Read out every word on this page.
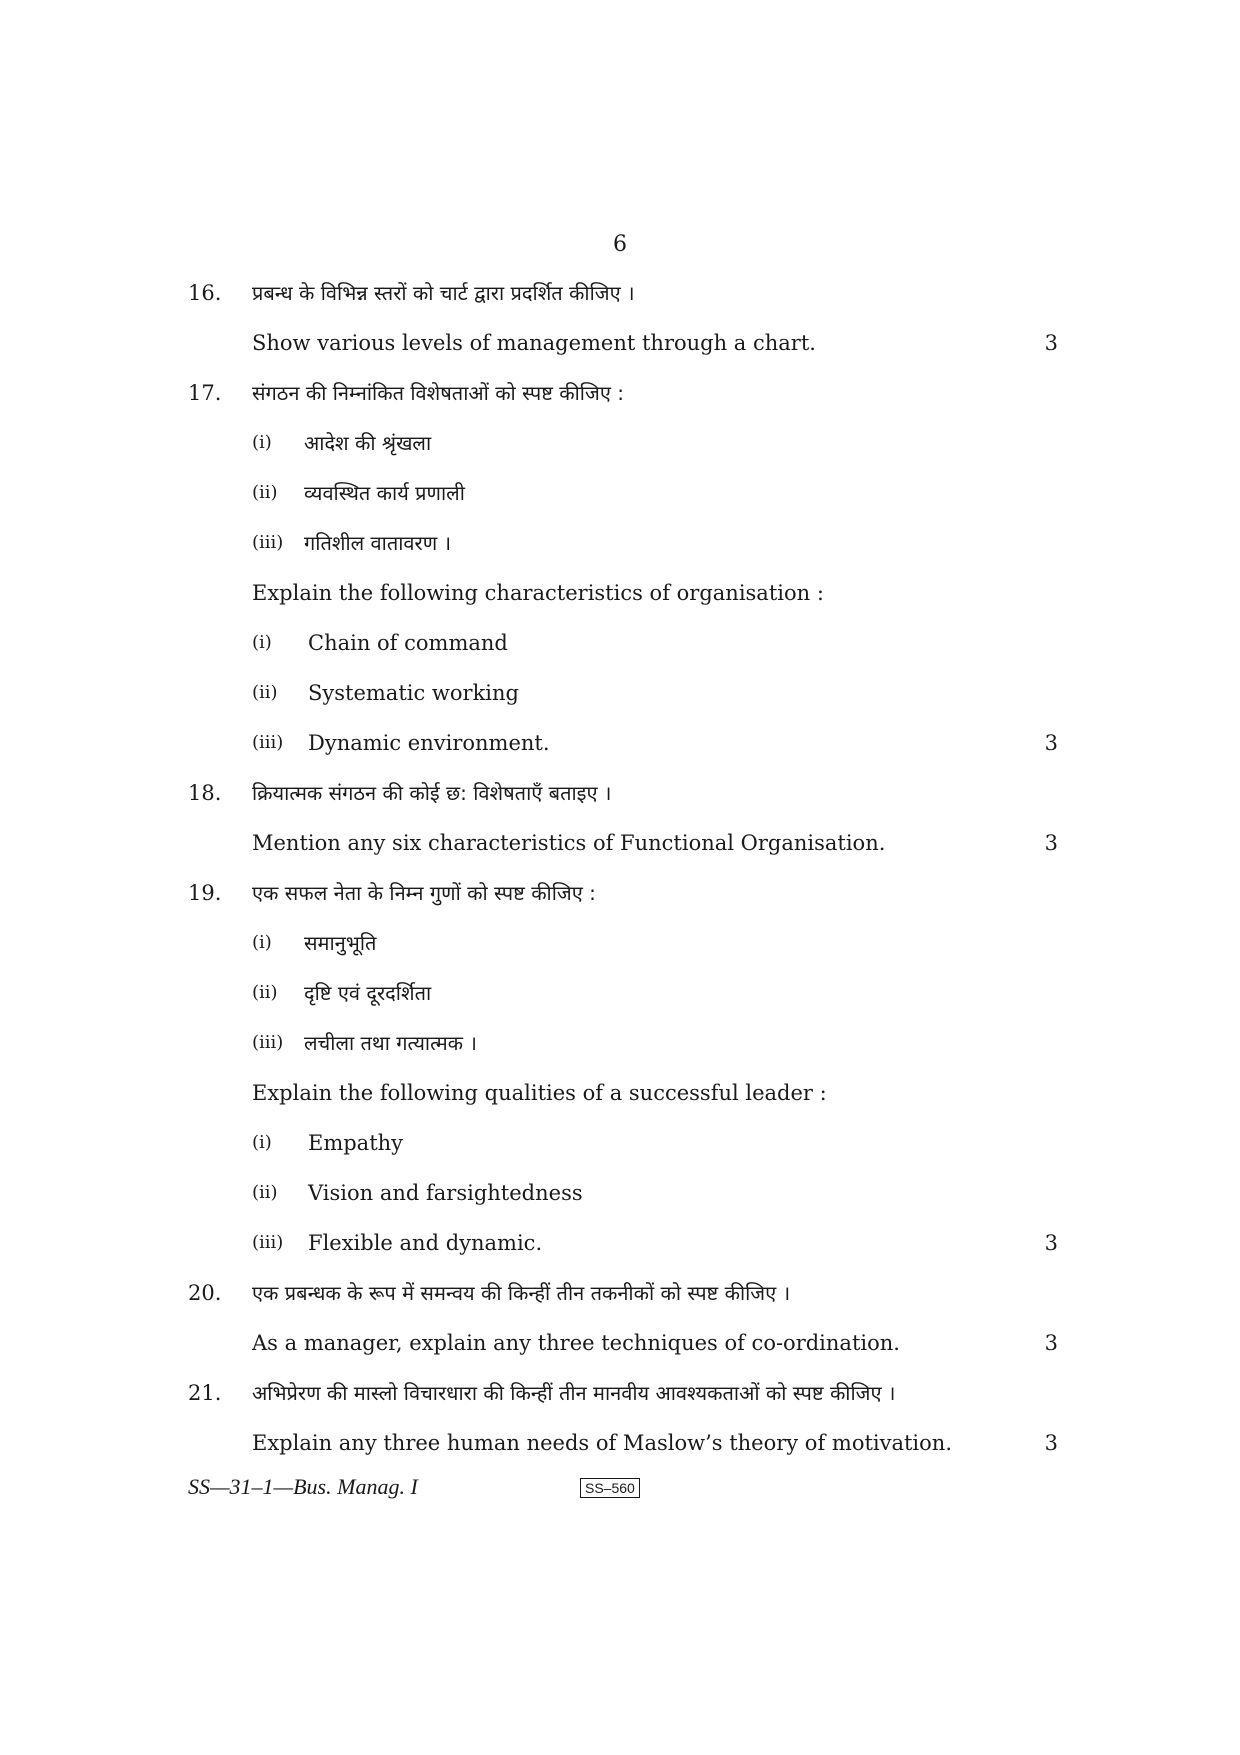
6
16.	प्रबन्ध के विभिन्न स्तरों को चार्ट द्वारा प्रदर्शित कीजिए ।
Show various levels of management through a chart.	3
17.	संगठन की निम्नांकित विशेषताओं को स्पष्ट कीजिए :
(i) आदेश की श्रृंखला
(ii) व्यवस्थित कार्य प्रणाली
(iii) गतिशील वातावरण ।
Explain the following characteristics of organisation :
(i) Chain of command
(ii) Systematic working
(iii) Dynamic environment.	3
18.	क्रियात्मक संगठन की कोई छ: विशेषताएँ बताइए ।
Mention any six characteristics of Functional Organisation.	3
19.	एक सफल नेता के निम्न गुणों को स्पष्ट कीजिए :
(i) समानुभूति
(ii) दृष्टि एवं दूरदर्शिता
(iii) लचीला तथा गत्यात्मक ।
Explain the following qualities of a successful leader :
(i) Empathy
(ii) Vision and farsightedness
(iii) Flexible and dynamic.	3
20.	एक प्रबन्धक के रूप में समन्वय की किन्हीं तीन तकनीकों को स्पष्ट कीजिए ।
As a manager, explain any three techniques of co-ordination.	3
21.	अभिप्रेरण की मास्लो विचारधारा की किन्हीं तीन मानवीय आवश्यकताओं को स्पष्ट कीजिए ।
Explain any three human needs of Maslow’s theory of motivation.	3
SS—31–1—Bus. Manag. I	SS–560
